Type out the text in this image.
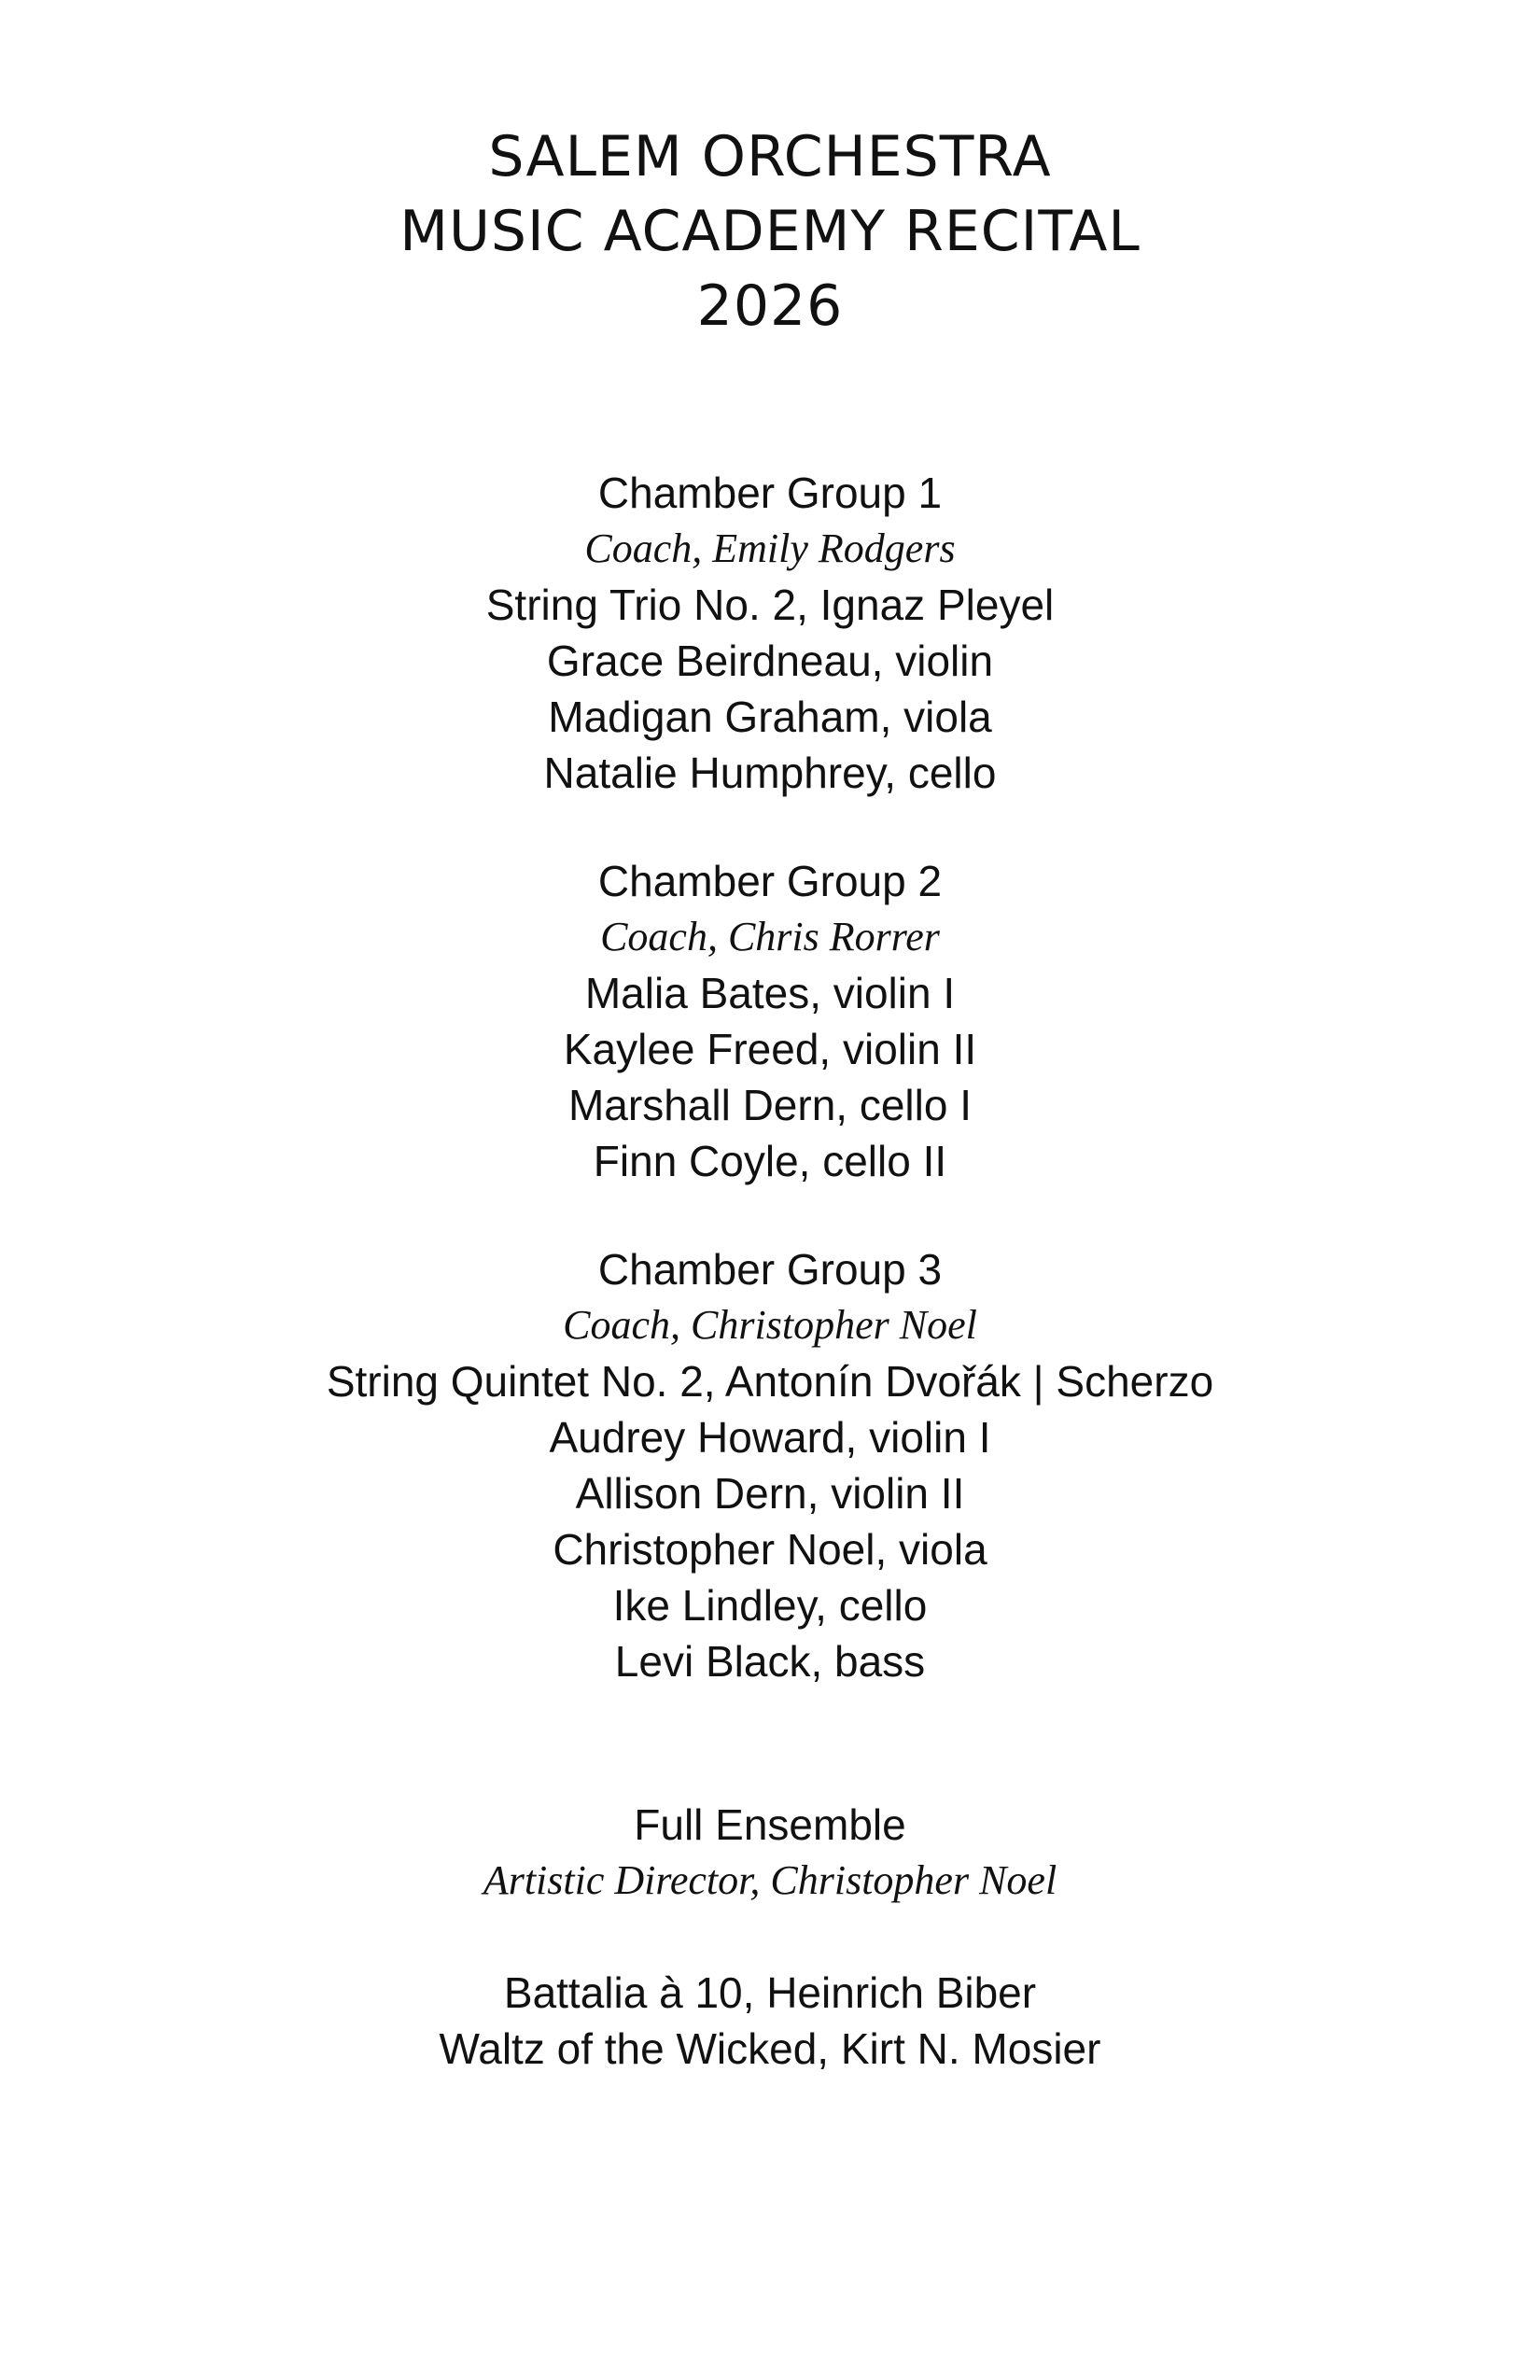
SALEM ORCHESTRA
MUSIC ACADEMY RECITAL
2026
Chamber Group 1
Coach, Emily Rodgers
String Trio No. 2, Ignaz Pleyel
Grace Beirdneau, violin
Madigan Graham, viola
Natalie Humphrey, cello
Chamber Group 2
Coach, Chris Rorrer
Malia Bates, violin I
Kaylee Freed, violin II
Marshall Dern, cello I
Finn Coyle, cello II
Chamber Group 3
Coach, Christopher Noel
String Quintet No. 2, Antonín Dvořák | Scherzo
Audrey Howard, violin I
Allison Dern, violin II
Christopher Noel, viola
Ike Lindley, cello
Levi Black, bass
Full Ensemble
Artistic Director, Christopher Noel
Battalia à 10, Heinrich Biber
Waltz of the Wicked, Kirt N. Mosier
